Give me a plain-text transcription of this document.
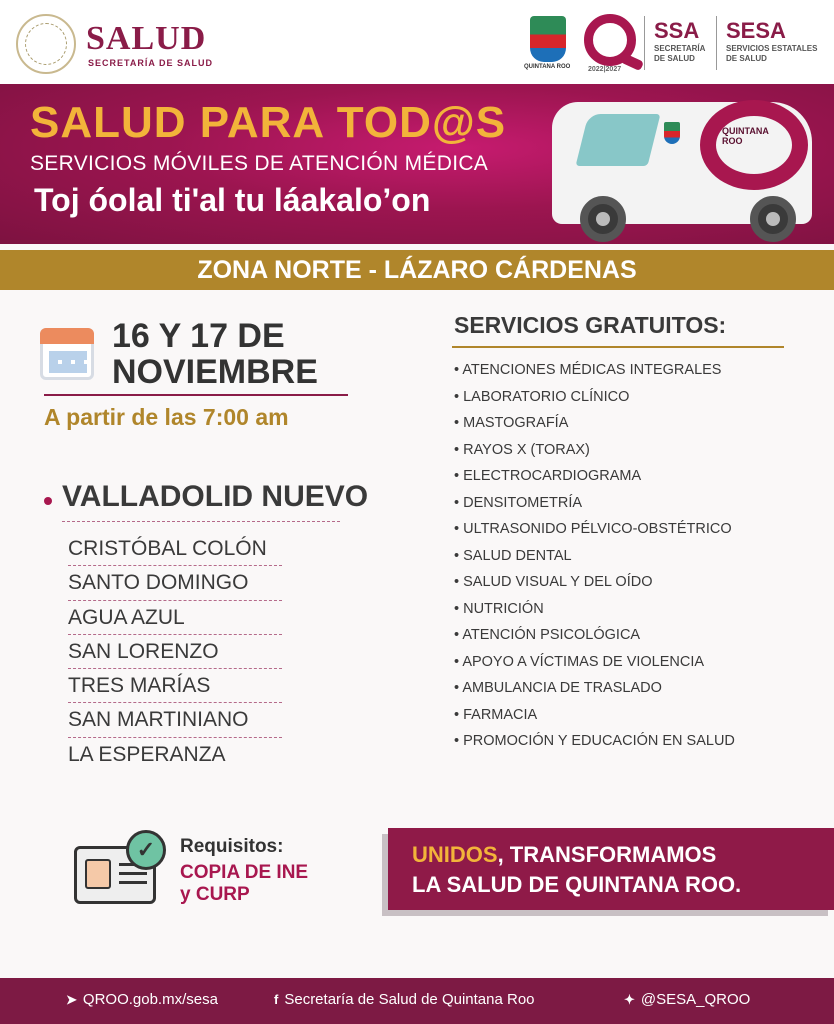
SALUD
SECRETARÍA DE SALUD	QUINTANA ROO	2022|2027
SSA
SECRETARÍA
DE SALUD
SESA
SERVICIOS ESTATALES
DE SALUD
SALUD PARA TOD@S
SERVICIOS MÓVILES DE ATENCIÓN MÉDICA
Toj óolal ti'al tu láakalo’on
QUINTANA
ROO
ZONA NORTE - LÁZARO CÁRDENAS
16 Y 17 DE
NOVIEMBRE
A partir de las 7:00 am
VALLADOLID NUEVO
CRISTÓBAL COLÓN
SANTO DOMINGO
AGUA AZUL
SAN LORENZO
TRES MARÍAS
SAN MARTINIANO
LA ESPERANZA
SERVICIOS GRATUITOS:
• ATENCIONES MÉDICAS INTEGRALES
• LABORATORIO CLÍNICO
• MASTOGRAFÍA
• RAYOS X (TORAX)
• ELECTROCARDIOGRAMA
• DENSITOMETRÍA
• ULTRASONIDO PÉLVICO-OBSTÉTRICO
• SALUD DENTAL
• SALUD VISUAL Y DEL OÍDO
• NUTRICIÓN
• ATENCIÓN PSICOLÓGICA
• APOYO A VÍCTIMAS DE VIOLENCIA
• AMBULANCIA DE TRASLADO
• FARMACIA
• PROMOCIÓN Y EDUCACIÓN EN SALUD
✓	Requisitos:
COPIA DE INE
y CURP
UNIDOS, TRANSFORMAMOS
LA SALUD DE QUINTANA ROO.
➤ QROO.gob.mx/sesa	f Secretaría de Salud de Quintana Roo	✦ @SESA_QROO
